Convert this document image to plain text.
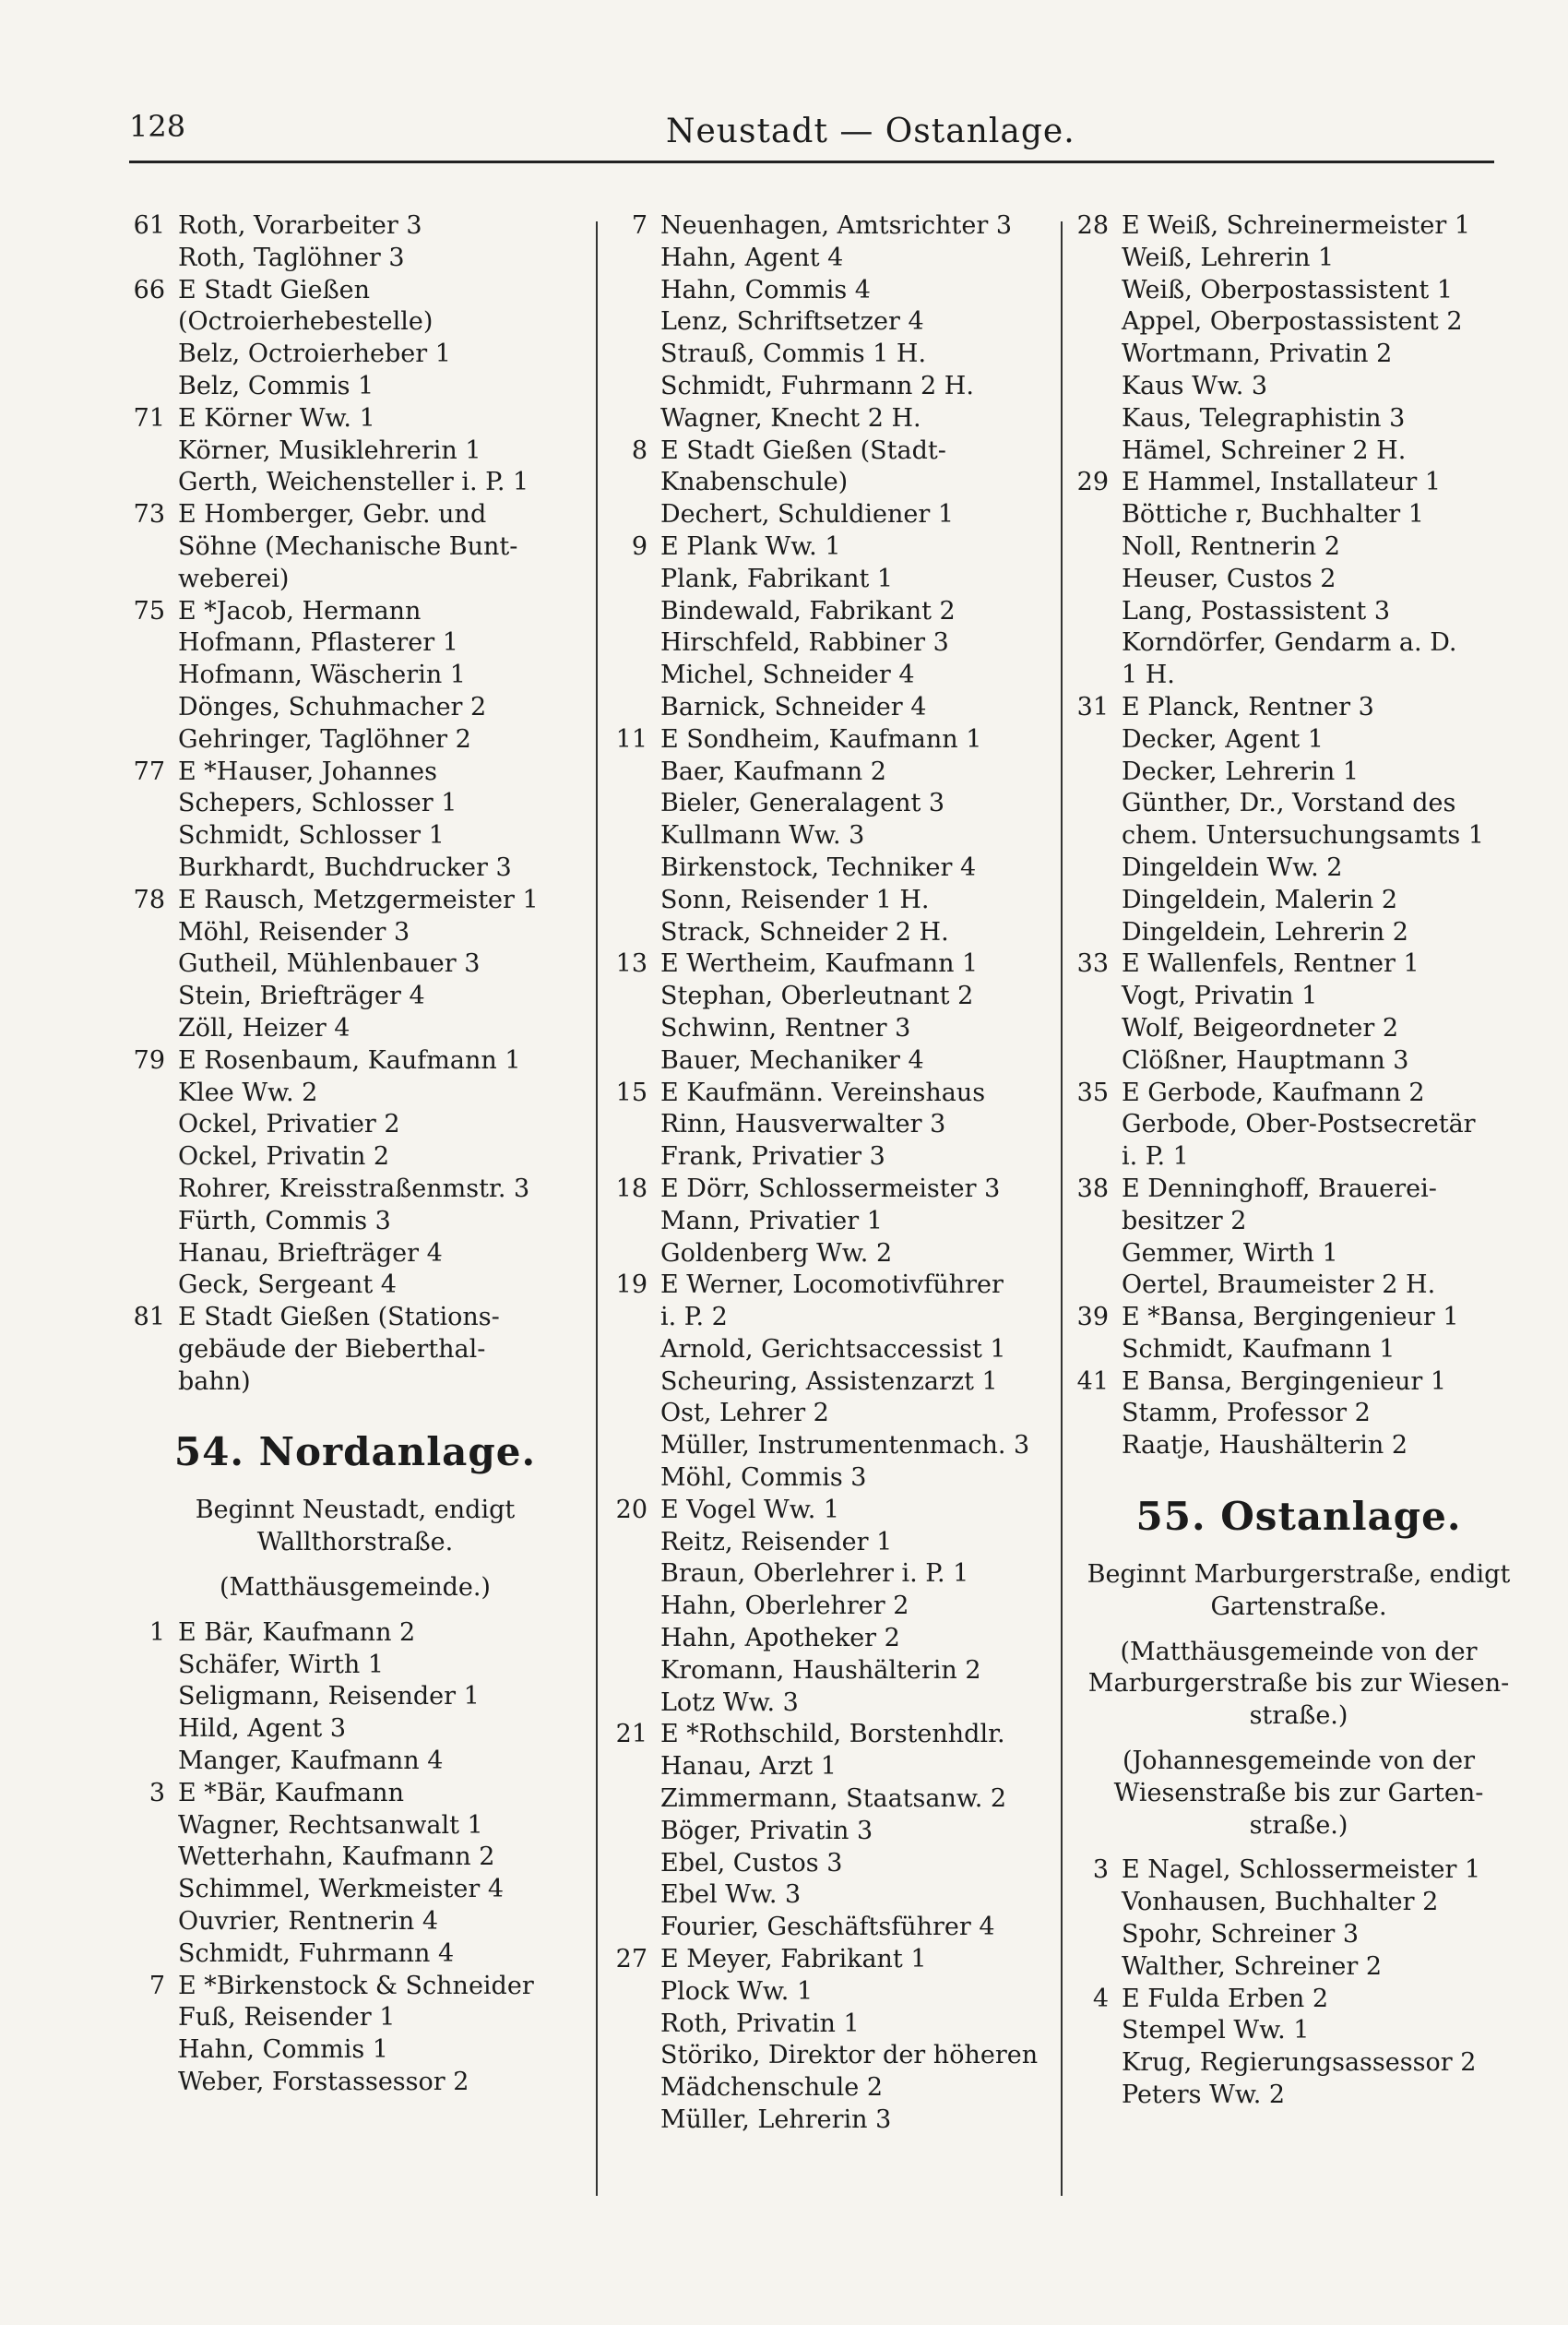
128	Neustadt — Ostanlage.
61 Roth, Vorarbeiter 3
Roth, Taglöhner 3
66 E Stadt Gießen
(Octroierhebestelle)
Belz, Octroierheber 1
Belz, Commis 1
71 E Körner Ww. 1
Körner, Musiklehrerin 1
Gerth, Weichensteller i. P. 1
73 E Homberger, Gebr. und
Söhne (Mechanische Bunt-
weberei)
75 E *Jacob, Hermann
Hofmann, Pflasterer 1
Hofmann, Wäscherin 1
Dönges, Schuhmacher 2
Gehringer, Taglöhner 2
77 E *Hauser, Johannes
Schepers, Schlosser 1
Schmidt, Schlosser 1
Burkhardt, Buchdrucker 3
78 E Rausch, Metzgermeister 1
Möhl, Reisender 3
Gutheil, Mühlenbauer 3
Stein, Briefträger 4
Zöll, Heizer 4
79 E Rosenbaum, Kaufmann 1
Klee Ww. 2
Ockel, Privatier 2
Ockel, Privatin 2
Rohrer, Kreisstraßenmstr. 3
Fürth, Commis 3
Hanau, Briefträger 4
Geck, Sergeant 4
81 E Stadt Gießen (Stations-
gebäude der Bieberthal-
bahn)
54. Nordanlage.
Beginnt Neustadt, endigt
Wallthorstraße.
(Matthäusgemeinde.)
1 E Bär, Kaufmann 2
Schäfer, Wirth 1
Seligmann, Reisender 1
Hild, Agent 3
Manger, Kaufmann 4
3 E *Bär, Kaufmann
Wagner, Rechtsanwalt 1
Wetterhahn, Kaufmann 2
Schimmel, Werkmeister 4
Ouvrier, Rentnerin 4
Schmidt, Fuhrmann 4
7 E *Birkenstock & Schneider
Fuß, Reisender 1
Hahn, Commis 1
Weber, Forstassessor 2
7 Neuenhagen, Amtsrichter 3
Hahn, Agent 4
Hahn, Commis 4
Lenz, Schriftsetzer 4
Strauß, Commis 1 H.
Schmidt, Fuhrmann 2 H.
Wagner, Knecht 2 H.
8 E Stadt Gießen (Stadt-
Knabenschule)
Dechert, Schuldiener 1
9 E Plank Ww. 1
Plank, Fabrikant 1
Bindewald, Fabrikant 2
Hirschfeld, Rabbiner 3
Michel, Schneider 4
Barnick, Schneider 4
11 E Sondheim, Kaufmann 1
Baer, Kaufmann 2
Bieler, Generalagent 3
Kullmann Ww. 3
Birkenstock, Techniker 4
Sonn, Reisender 1 H.
Strack, Schneider 2 H.
13 E Wertheim, Kaufmann 1
Stephan, Oberleutnant 2
Schwinn, Rentner 3
Bauer, Mechaniker 4
15 E Kaufmänn. Vereinshaus
Rinn, Hausverwalter 3
Frank, Privatier 3
18 E Dörr, Schlossermeister 3
Mann, Privatier 1
Goldenberg Ww. 2
19 E Werner, Locomotivführer
i. P. 2
Arnold, Gerichtsaccessist 1
Scheuring, Assistenzarzt 1
Ost, Lehrer 2
Müller, Instrumentenmach. 3
Möhl, Commis 3
20 E Vogel Ww. 1
Reitz, Reisender 1
Braun, Oberlehrer i. P. 1
Hahn, Oberlehrer 2
Hahn, Apotheker 2
Kromann, Haushälterin 2
Lotz Ww. 3
21 E *Rothschild, Borstenhdlr.
Hanau, Arzt 1
Zimmermann, Staatsanw. 2
Böger, Privatin 3
Ebel, Custos 3
Ebel Ww. 3
Fourier, Geschäftsführer 4
27 E Meyer, Fabrikant 1
Plock Ww. 1
Roth, Privatin 1
Störiko, Direktor der höheren
Mädchenschule 2
Müller, Lehrerin 3
28 E Weiß, Schreinermeister 1
Weiß, Lehrerin 1
Weiß, Oberpostassistent 1
Appel, Oberpostassistent 2
Wortmann, Privatin 2
Kaus Ww. 3
Kaus, Telegraphistin 3
Hämel, Schreiner 2 H.
29 E Hammel, Installateur 1
Böttiche r, Buchhalter 1
Noll, Rentnerin 2
Heuser, Custos 2
Lang, Postassistent 3
Korndörfer, Gendarm a. D.
1 H.
31 E Planck, Rentner 3
Decker, Agent 1
Decker, Lehrerin 1
Günther, Dr., Vorstand des
chem. Untersuchungsamts 1
Dingeldein Ww. 2
Dingeldein, Malerin 2
Dingeldein, Lehrerin 2
33 E Wallenfels, Rentner 1
Vogt, Privatin 1
Wolf, Beigeordneter 2
Clößner, Hauptmann 3
35 E Gerbode, Kaufmann 2
Gerbode, Ober-Postsecretär
i. P. 1
38 E Denninghoff, Brauerei-
besitzer 2
Gemmer, Wirth 1
Oertel, Braumeister 2 H.
39 E *Bansa, Bergingenieur 1
Schmidt, Kaufmann 1
41 E Bansa, Bergingenieur 1
Stamm, Professor 2
Raatje, Haushälterin 2
55. Ostanlage.
Beginnt Marburgerstraße, endigt
Gartenstraße.
(Matthäusgemeinde von der
Marburgerstraße bis zur Wiesen-
straße.)
(Johannesgemeinde von der
Wiesenstraße bis zur Garten-
straße.)
3 E Nagel, Schlossermeister 1
Vonhausen, Buchhalter 2
Spohr, Schreiner 3
Walther, Schreiner 2
4 E Fulda Erben 2
Stempel Ww. 1
Krug, Regierungsassessor 2
Peters Ww. 2
